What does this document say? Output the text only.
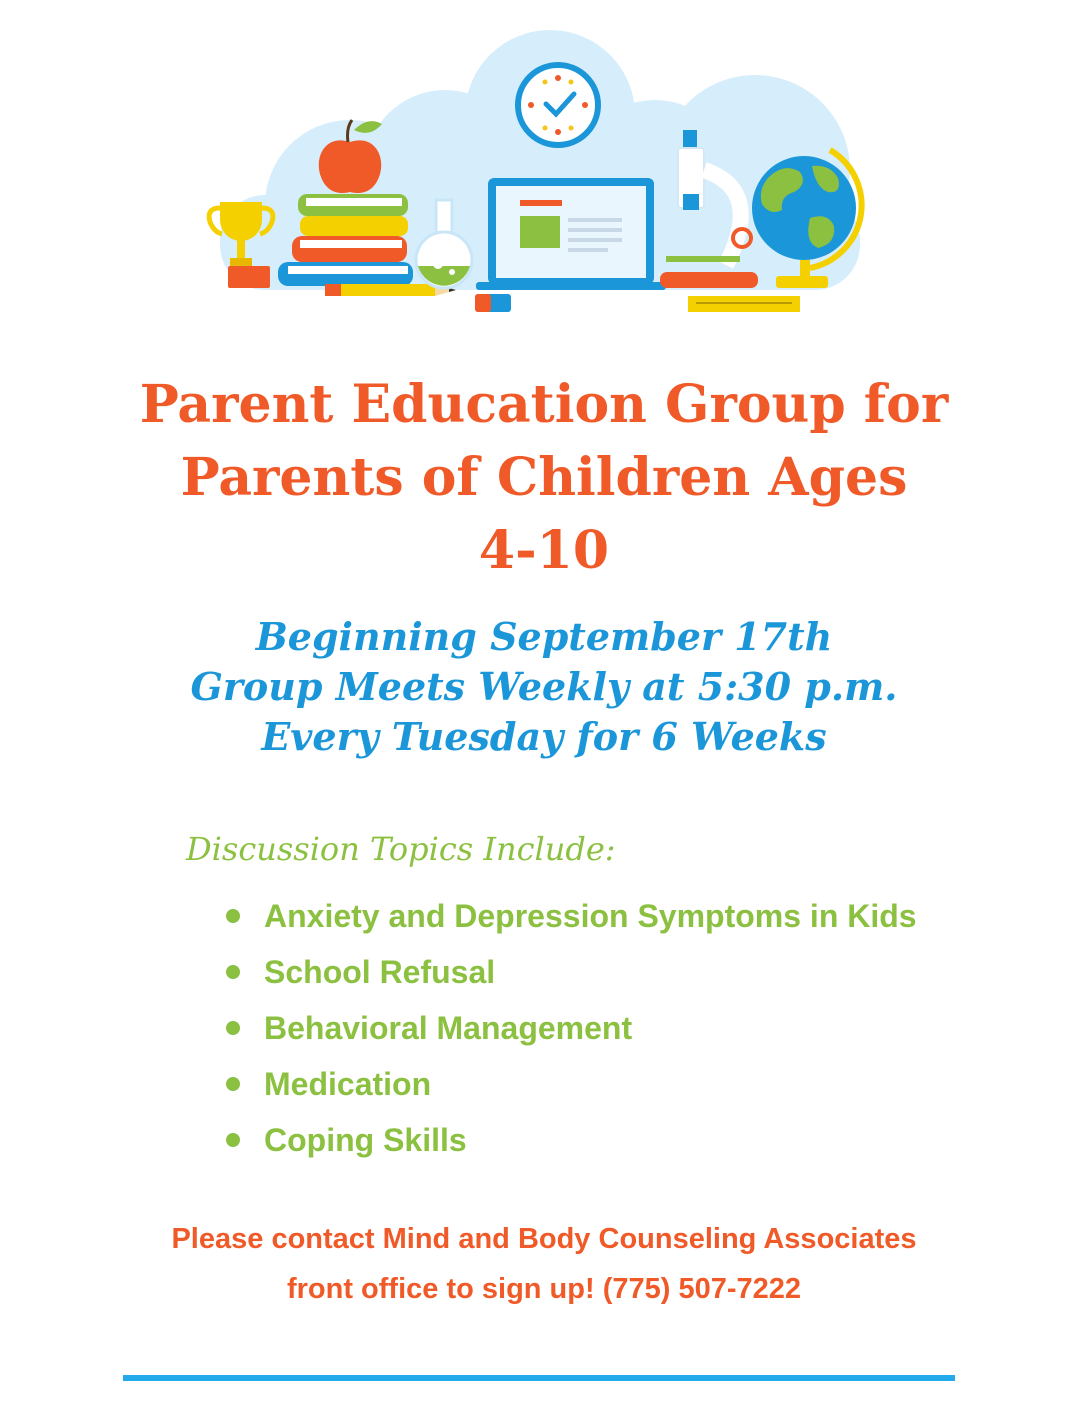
Parent Education Group for
Parents of Children Ages
4-10
Beginning September 17th
Group Meets Weekly at 5:30 p.m.
Every Tuesday for 6 Weeks
Discussion Topics Include:
Anxiety and Depression Symptoms in Kids
School Refusal
Behavioral Management
Medication
Coping Skills
Please contact Mind and Body Counseling Associates
front office to sign up! (775) 507-7222
